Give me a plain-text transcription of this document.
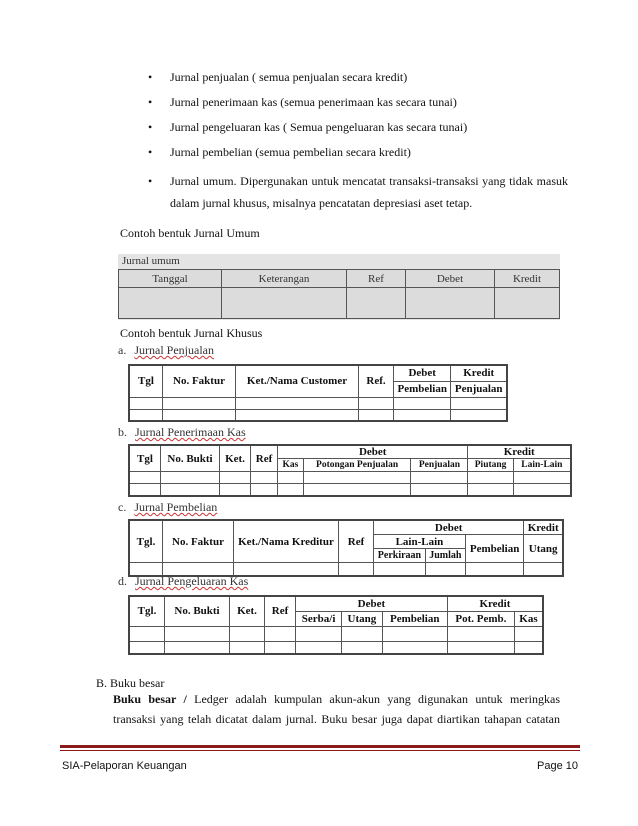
• Jurnal penjualan ( semua penjualan secara kredit)
• Jurnal penerimaan kas (semua penerimaan kas secara tunai)
• Jurnal pengeluaran kas ( Semua pengeluaran kas secara tunai)
• Jurnal pembelian (semua pembelian secara kredit)
• Jurnal umum. Dipergunakan untuk mencatat transaksi-transaksi yang tidak masuk dalam jurnal khusus, misalnya pencatatan depresiasi aset tetap.
Contoh bentuk Jurnal Umum
Jurnal umum
Tanggal	Keterangan	Ref	Debet	Kredit

Contoh bentuk Jurnal Khusus
a. Jurnal Penjualan
Tgl	No. Faktur	Ket./Nama Customer	Ref.	Debet	Kredit
				Pembelian	Penjualan

b. Jurnal Penerimaan Kas
Tgl	No. Bukti	Ket.	Ref	Debet			Kredit	
				Kas	Potongan Penjualan	Penjualan	Piutang	Lain-Lain

c. Jurnal Pembelian
Tgl.	No. Faktur	Ket./Nama Kreditur	Ref	Debet			Kredit
				Lain-Lain		Pembelian	Utang
				Perkiraan	Jumlah		

d. Jurnal Pengeluaran Kas
Tgl.	No. Bukti	Ket.	Ref	Debet			Kredit	
				Serba/i	Utang	Pembelian	Pot. Pemb.	Kas

B. Buku besar
Buku besar / Ledger adalah kumpulan akun-akun yang digunakan untuk meringkas
transaksi yang telah dicatat dalam jurnal. Buku besar juga dapat diartikan tahapan catatan
SIA-Pelaporan Keuangan	Page 10
